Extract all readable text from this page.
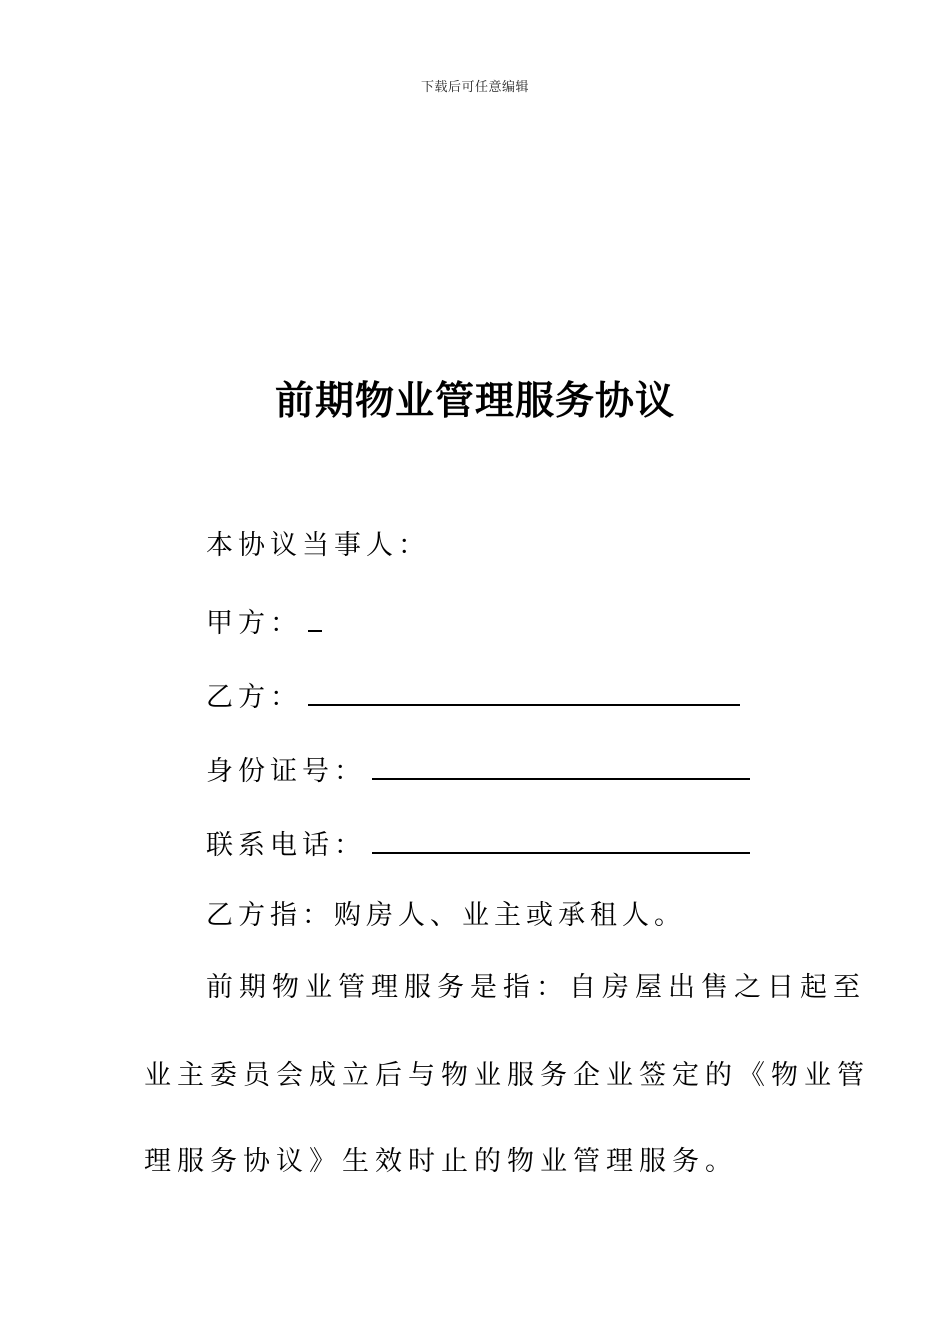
下载后可任意编辑
前期物业管理服务协议
本协议当事人：
甲方：
乙方：
身份证号：
联系电话：
乙方指：购房人、业主或承租人。
前期物业管理服务是指：自房屋出售之日起至
业主委员会成立后与物业服务企业签定的《物业管
理服务协议》生效时止的物业管理服务。
